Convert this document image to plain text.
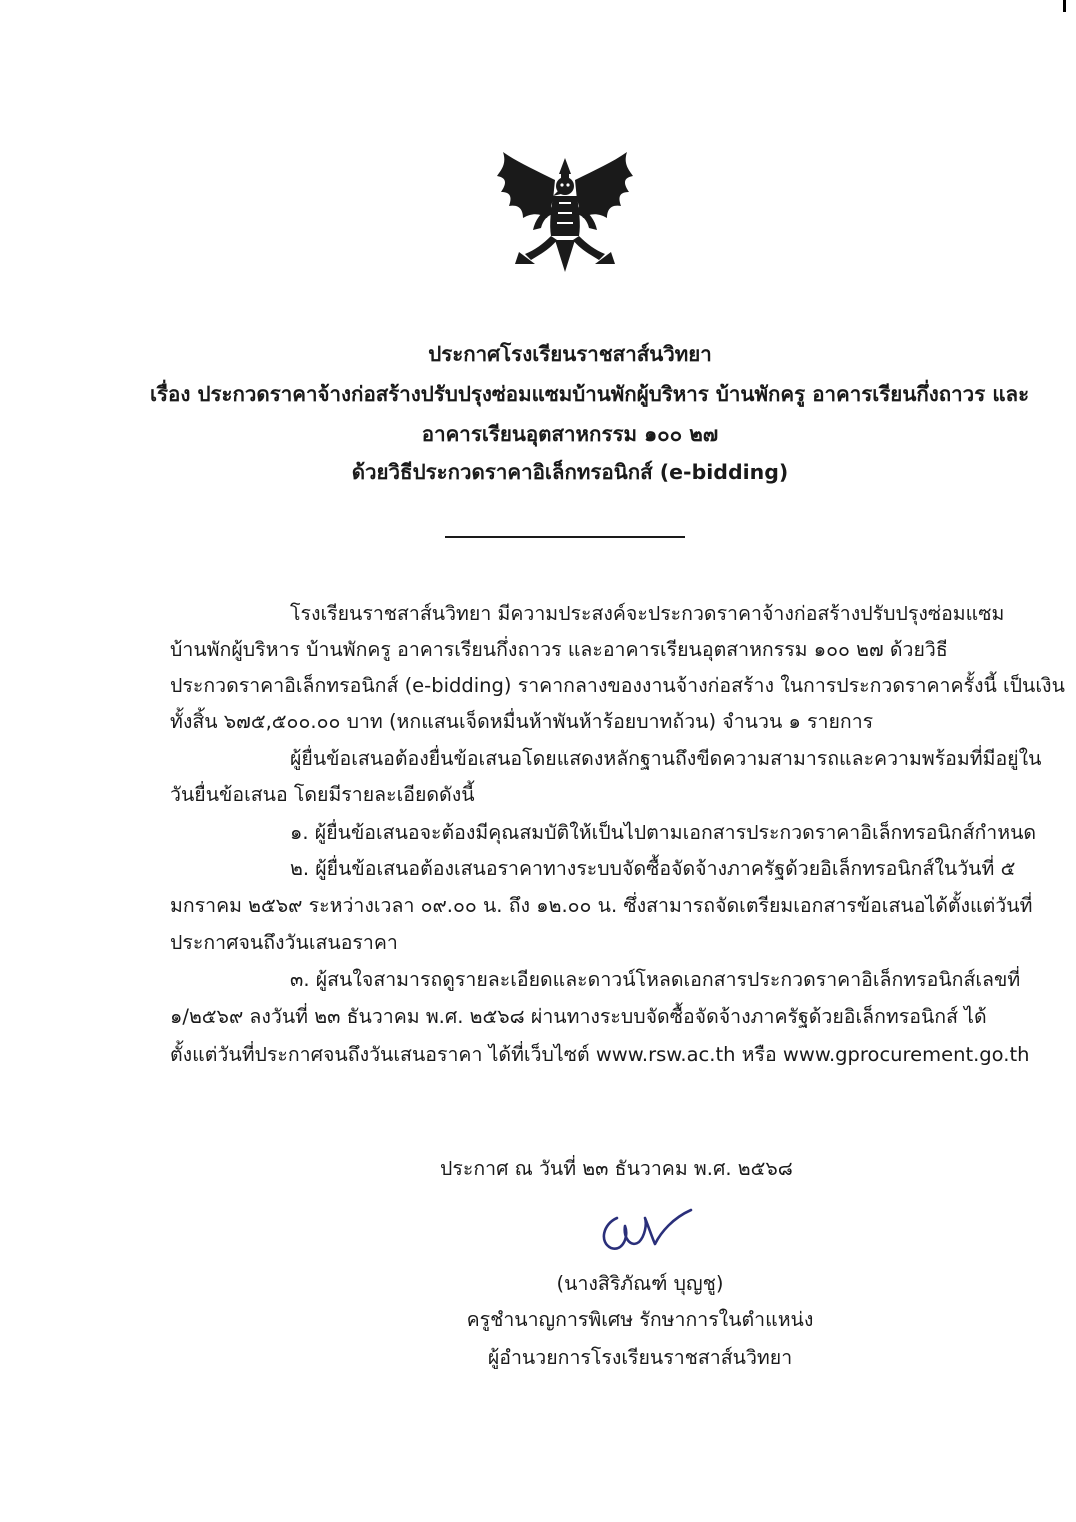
ประกาศโรงเรียนราชสาส์นวิทยา
เรื่อง ประกวดราคาจ้างก่อสร้างปรับปรุงซ่อมแซมบ้านพักผู้บริหาร บ้านพักครู อาคารเรียนกึ่งถาวร และ
อาคารเรียนอุตสาหกรรม ๑๐๐ ๒๗
ด้วยวิธีประกวดราคาอิเล็กทรอนิกส์ (e-bidding)
โรงเรียนราชสาส์นวิทยา มีความประสงค์จะประกวดราคาจ้างก่อสร้างปรับปรุงซ่อมแซม
บ้านพักผู้บริหาร บ้านพักครู อาคารเรียนกึ่งถาวร และอาคารเรียนอุตสาหกรรม ๑๐๐ ๒๗ ด้วยวิธี
ประกวดราคาอิเล็กทรอนิกส์ (e-bidding) ราคากลางของงานจ้างก่อสร้าง ในการประกวดราคาครั้งนี้ เป็นเงิน
ทั้งสิ้น ๖๗๕,๕๐๐.๐๐ บาท (หกแสนเจ็ดหมื่นห้าพันห้าร้อยบาทถ้วน) จำนวน ๑ รายการ
ผู้ยื่นข้อเสนอต้องยื่นข้อเสนอโดยแสดงหลักฐานถึงขีดความสามารถและความพร้อมที่มีอยู่ใน
วันยื่นข้อเสนอ โดยมีรายละเอียดดังนี้
๑. ผู้ยื่นข้อเสนอจะต้องมีคุณสมบัติให้เป็นไปตามเอกสารประกวดราคาอิเล็กทรอนิกส์กำหนด
๒. ผู้ยื่นข้อเสนอต้องเสนอราคาทางระบบจัดซื้อจัดจ้างภาครัฐด้วยอิเล็กทรอนิกส์ในวันที่ ๕
มกราคม ๒๕๖๙ ระหว่างเวลา ๐๙.๐๐ น. ถึง ๑๒.๐๐ น. ซึ่งสามารถจัดเตรียมเอกสารข้อเสนอได้ตั้งแต่วันที่
ประกาศจนถึงวันเสนอราคา
๓. ผู้สนใจสามารถดูรายละเอียดและดาวน์โหลดเอกสารประกวดราคาอิเล็กทรอนิกส์เลขที่
๑/๒๕๖๙ ลงวันที่ ๒๓ ธันวาคม พ.ศ. ๒๕๖๘ ผ่านทางระบบจัดซื้อจัดจ้างภาครัฐด้วยอิเล็กทรอนิกส์ ได้
ตั้งแต่วันที่ประกาศจนถึงวันเสนอราคา ได้ที่เว็บไซต์ www.rsw.ac.th หรือ www.gprocurement.go.th
ประกาศ ณ วันที่ ๒๓ ธันวาคม พ.ศ. ๒๕๖๘
(นางสิริภัณฑ์ บุญชู)
ครูชำนาญการพิเศษ รักษาการในตำแหน่ง
ผู้อำนวยการโรงเรียนราชสาส์นวิทยา
